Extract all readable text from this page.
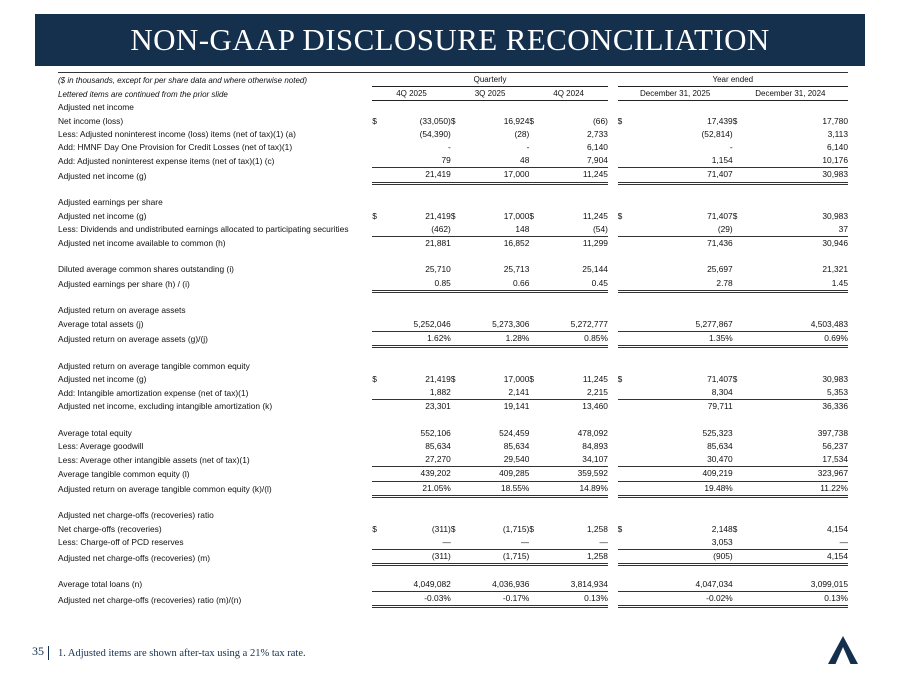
NON-GAAP DISCLOSURE RECONCILIATION
($ in thousands, except for per share data and where otherwise noted)	Quarterly							Year ended			
Lettered items are continued from the prior slide	4Q 2025		3Q 2025		4Q 2024			December 31, 2025		December 31, 2024	
Adjusted net income											
Net income (loss)	$	(33,050)	$	16,924	$	(66)		$	17,439	$	17,780
Less: Adjusted noninterest income (loss) items (net of tax)(1) (a)		(54,390)		(28)		2,733			(52,814)		3,113
Add: HMNF Day One Provision for Credit Losses (net of tax)(1)		-		-		6,140			-		6,140
Add: Adjusted noninterest expense items (net of tax)(1) (c)		79		48		7,904			1,154		10,176
Adjusted net income (g)		21,419		17,000		11,245			71,407		30,983

Adjusted earnings per share											
Adjusted net income (g)	$	21,419	$	17,000	$	11,245		$	71,407	$	30,983
Less: Dividends and undistributed earnings allocated to participating securities		(462)		148		(54)			(29)		37
Adjusted net income available to common (h)		21,881		16,852		11,299			71,436		30,946

Diluted average common shares outstanding (i)		25,710		25,713		25,144			25,697		21,321
Adjusted earnings per share (h) / (i)		0.85		0.66		0.45			2.78		1.45

Adjusted return on average assets											
Average total assets (j)		5,252,046		5,273,306		5,272,777			5,277,867		4,503,483
Adjusted return on average assets (g)/(j)		1.62%		1.28%		0.85%			1.35%		0.69%

Adjusted return on average tangible common equity											
Adjusted net income (g)	$	21,419	$	17,000	$	11,245		$	71,407	$	30,983
Add: Intangible amortization expense (net of tax)(1)		1,882		2,141		2,215			8,304		5,353
Adjusted net income, excluding intangible amortization (k)		23,301		19,141		13,460			79,711		36,336

Average total equity		552,106		524,459		478,092			525,323		397,738
Less: Average goodwill		85,634		85,634		84,893			85,634		56,237
Less: Average other intangible assets (net of tax)(1)		27,270		29,540		34,107			30,470		17,534
Average tangible common equity (l)		439,202		409,285		359,592			409,219		323,967
Adjusted return on average tangible common equity (k)/(l)		21.05%		18.55%		14.89%			19.48%		11.22%

Adjusted net charge-offs (recoveries) ratio											
Net charge-offs (recoveries)	$	(311)	$	(1,715)	$	1,258		$	2,148	$	4,154
Less: Charge-off of PCD reserves		—		—		—			3,053		—
Adjusted net charge-offs (recoveries) (m)		(311)		(1,715)		1,258			(905)		4,154

Average total loans (n)		4,049,082		4,036,936		3,814,934			4,047,034		3,099,015
Adjusted net charge-offs (recoveries) ratio (m)/(n)		-0.03%		-0.17%		0.13%			-0.02%		0.13%
35 1. Adjusted items are shown after-tax using a 21% tax rate.
